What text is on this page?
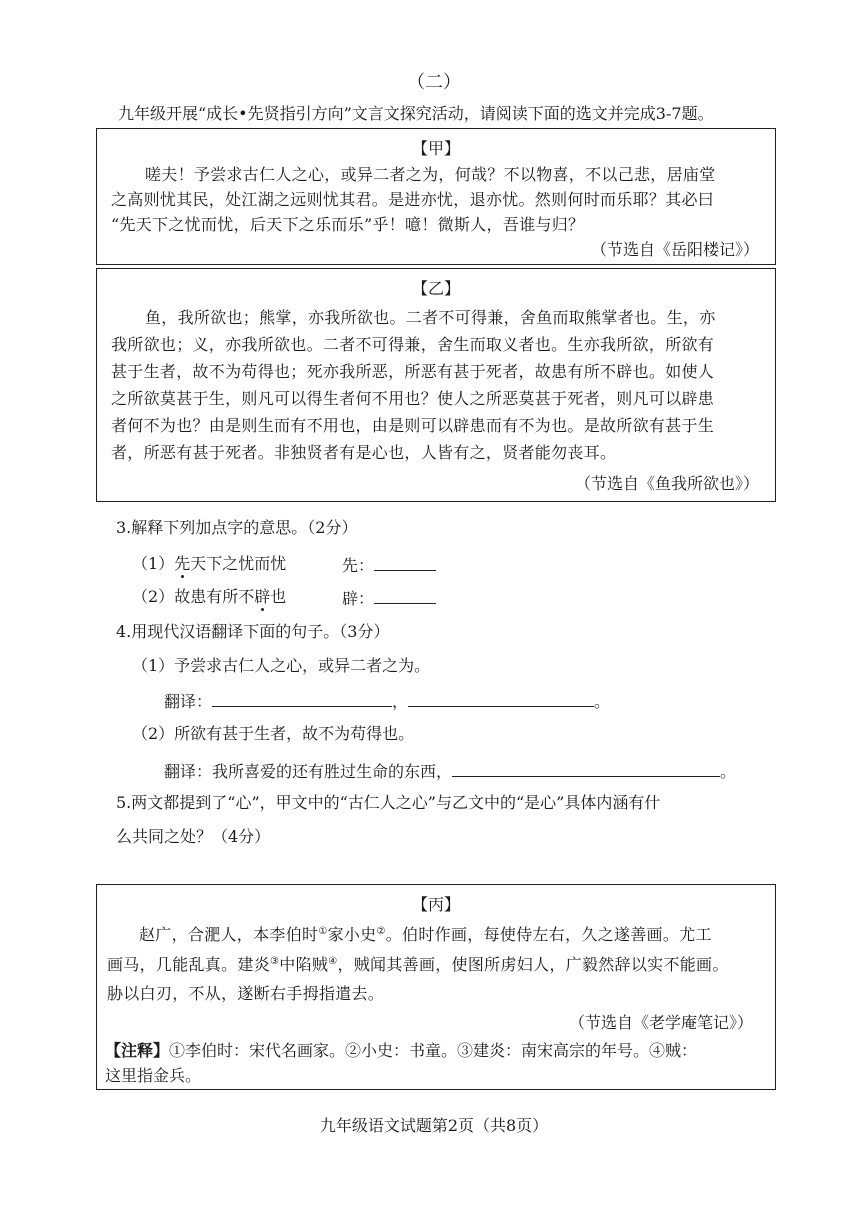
（二）
九年级开展“成长•先贤指引方向”文言文探究活动，请阅读下面的选文并完成3-7题。
【甲】
嗟夫！予尝求古仁人之心，或异二者之为，何哉？不以物喜，不以己悲，居庙堂
之高则忧其民，处江湖之远则忧其君。是进亦忧，退亦忧。然则何时而乐耶？其必曰
“先天下之忧而忧，后天下之乐而乐”乎！噫！微斯人，吾谁与归？
（节选自《岳阳楼记》）
【乙】
鱼，我所欲也；熊掌，亦我所欲也。二者不可得兼，舍鱼而取熊掌者也。生，亦
我所欲也；义，亦我所欲也。二者不可得兼，舍生而取义者也。生亦我所欲，所欲有
甚于生者，故不为苟得也；死亦我所恶，所恶有甚于死者，故患有所不辟也。如使人
之所欲莫甚于生，则凡可以得生者何不用也？使人之所恶莫甚于死者，则凡可以辟患
者何不为也？由是则生而有不用也，由是则可以辟患而有不为也。是故所欲有甚于生
者，所恶有甚于死者。非独贤者有是心也，人皆有之，贤者能勿丧耳。
（节选自《鱼我所欲也》）
3.解释下列加点字的意思。（2分）
（1）先天下之忧而忧	先：
（2）故患有所不辟也	辟：
4.用现代汉语翻译下面的句子。（3分）
（1）予尝求古仁人之心，或异二者之为。
翻译：	，	。
（2）所欲有甚于生者，故不为苟得也。
翻译：我所喜爱的还有胜过生命的东西，	。
5.两文都提到了“心”，甲文中的“古仁人之心”与乙文中的“是心”具体内涵有什
么共同之处？（4分）
【丙】
赵广，合淝人，本李伯时①家小史②。伯时作画，每使侍左右，久之遂善画。尤工
画马，几能乱真。建炎③中陷贼④，贼闻其善画，使图所虏妇人，广毅然辞以实不能画。
胁以白刃，不从，遂断右手拇指遣去。
（节选自《老学庵笔记》）
【注释】①李伯时：宋代名画家。②小史：书童。③建炎：南宋高宗的年号。④贼：
这里指金兵。
九年级语文试题第2页（共8页）
